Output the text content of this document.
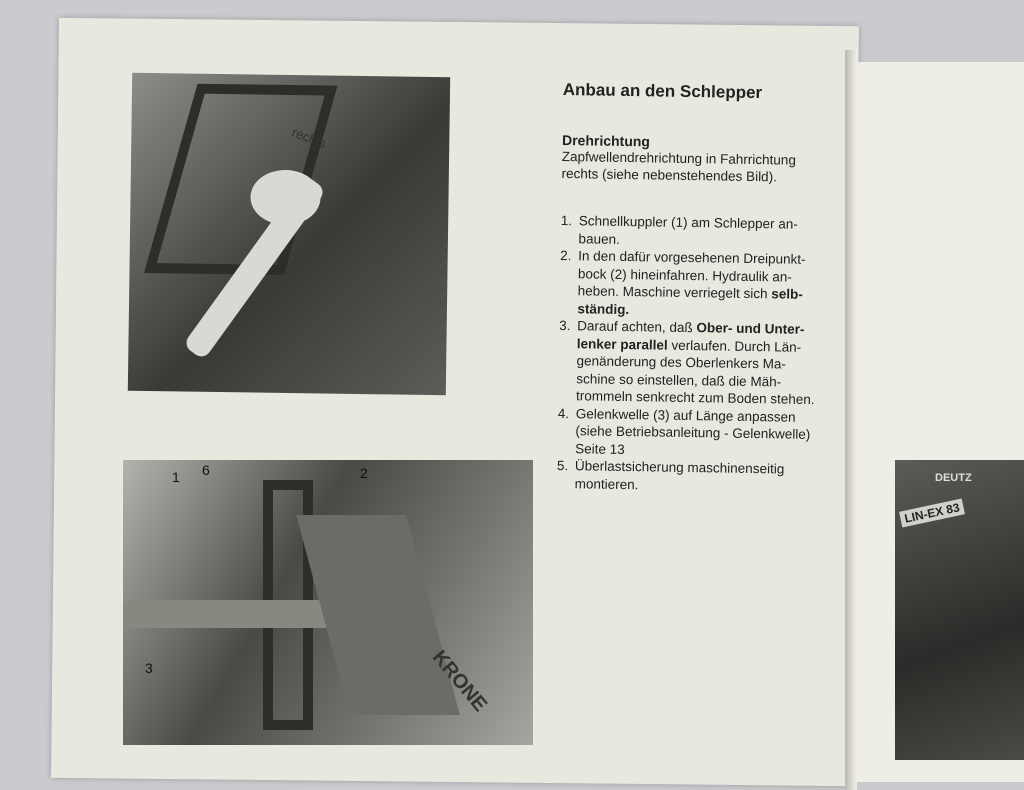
rechts
KRONE
1 6	2
3
DEUTZ
LIN-EX 83
Anbau an den Schlepper
Drehrichtung
Zapfwellendrehrichtung in Fahrrichtung
rechts (siehe nebenstehendes Bild).
1. Schnellkuppler (1) am Schlepper an-
bauen.
2. In den dafür vorgesehenen Dreipunkt-
bock (2) hineinfahren. Hydraulik an-
heben. Maschine verriegelt sich selb-
ständig.
3. Darauf achten, daß Ober- und Unter-
lenker parallel verlaufen. Durch Län-
genänderung des Oberlenkers Ma-
schine so einstellen, daß die Mäh-
trommeln senkrecht zum Boden stehen.
4. Gelenkwelle (3) auf Länge anpassen
(siehe Betriebsanleitung - Gelenkwelle)
Seite 13
5. Überlastsicherung maschinenseitig
montieren.
